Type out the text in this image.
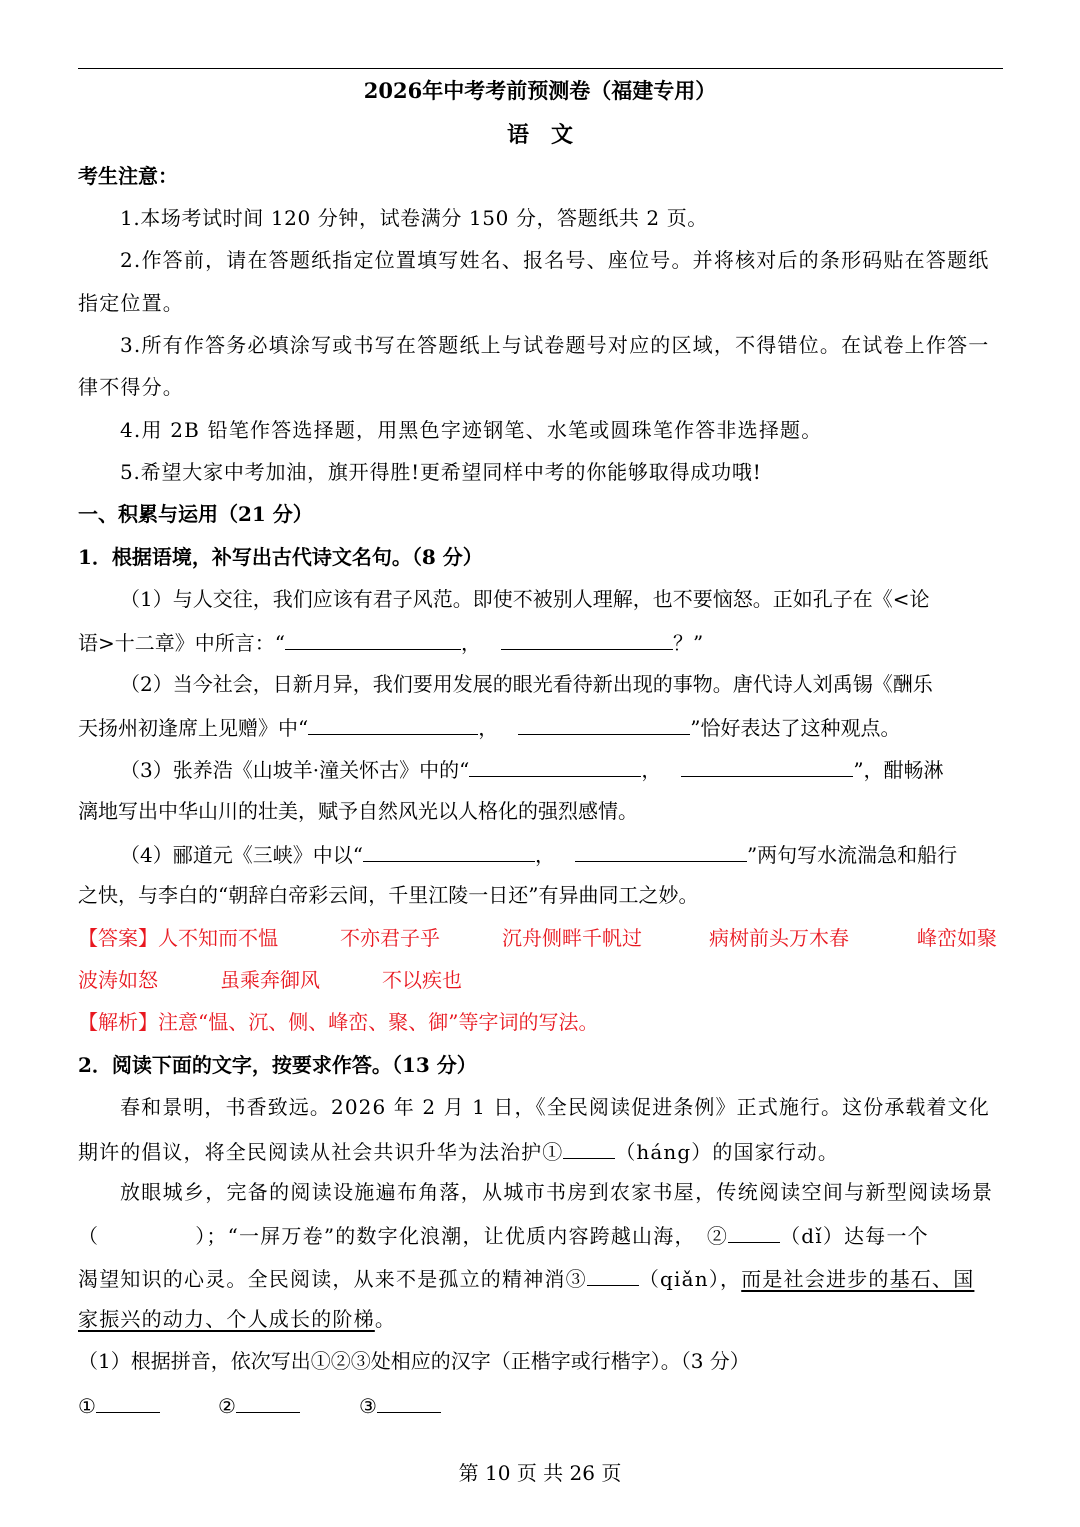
2026年中考考前预测卷（福建专用）
语　文
考生注意：
1.本场考试时间 120 分钟，试卷满分 150 分，答题纸共 2 页。
2.作答前，请在答题纸指定位置填写姓名、报名号、座位号。并将核对后的条形码贴在答题纸
指定位置。
3.所有作答务必填涂写或书写在答题纸上与试卷题号对应的区域，不得错位。在试卷上作答一
律不得分。
4.用 2B 铅笔作答选择题，用黑色字迹钢笔、水笔或圆珠笔作答非选择题。
5.希望大家中考加油，旗开得胜!更希望同样中考的你能够取得成功哦!
一、积累与运用（21 分）
1．根据语境，补写出古代诗文名句。（8 分）
（1）与人交往，我们应该有君子风范。即使不被别人理解，也不要恼怒。正如孔子在《<论
语>十二章》中所言：“	， 	？”
（2）当今社会，日新月异，我们要用发展的眼光看待新出现的事物。唐代诗人刘禹锡《酬乐
天扬州初逢席上见赠》中“	， 	”恰好表达了这种观点。
（3）张养浩《山坡羊·潼关怀古》中的“	， 	”，酣畅淋
漓地写出中华山川的壮美，赋予自然风光以人格化的强烈感情。
（4）郦道元《三峡》中以“	， 	”两句写水流湍急和船行
之快，与李白的“朝辞白帝彩云间，千里江陵一日还”有异曲同工之妙。
【答案】 人不知而不愠	不亦君子乎	沉舟侧畔千帆过	病树前头万木春	峰峦如聚
波涛如怒	虽乘奔御风	不以疾也
【解析】注意“愠、沉、侧、峰峦、聚、御”等字词的写法。
2．阅读下面的文字，按要求作答。（13 分）
春和景明，书香致远。2026 年 2 月 1 日，《全民阅读促进条例》正式施行。这份承载着文化
期许的倡议，将全民阅读从社会共识升华为法治护①	（háng）的国家行动。
放眼城乡，完备的阅读设施遍布角落，从城市书房到农家书屋，传统阅读空间与新型阅读场景
（	）；“一屏万卷”的数字化浪潮，让优质内容跨越山海，  ②	（dǐ）达每一个
渴望知识的心灵。全民阅读，从来不是孤立的精神消③	（qiǎn），而是社会进步的基石、国
家振兴的动力、个人成长的阶梯。
（1）根据拼音，依次写出①②③处相应的汉字（正楷字或行楷字）。（3 分）
①	②	③
第 10 页 共 26 页
